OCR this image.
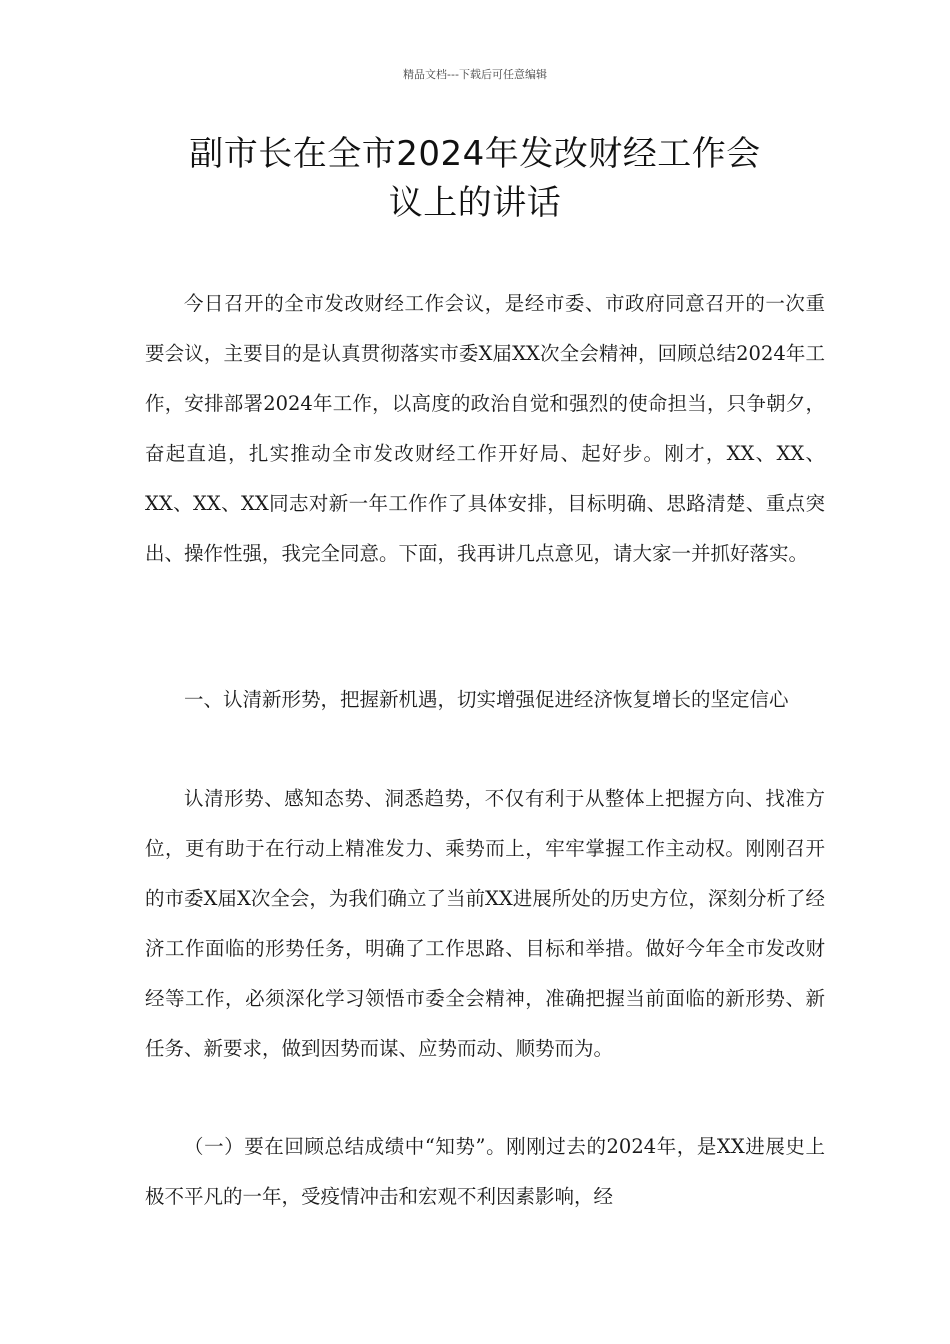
精品文档---下载后可任意编辑
副市长在全市2024年发改财经工作会
议上的讲话

今日召开的全市发改财经工作会议，是经市委、市政府同意召开的一次重要会议，主要目的是认真贯彻落实市委X届XX次全会精神，回顾总结2024年工作，安排部署2024年工作，以高度的政治自觉和强烈的使命担当，只争朝夕，奋起直追，扎实推动全市发改财经工作开好局、起好步。刚才，XX、XX、XX、XX、XX同志对新一年工作作了具体安排，目标明确、思路清楚、重点突出、操作性强，我完全同意。下面，我再讲几点意见，请大家一并抓好落实。

一、认清新形势，把握新机遇，切实增强促进经济恢复增长的坚定信心

认清形势、感知态势、洞悉趋势，不仅有利于从整体上把握方向、找准方位，更有助于在行动上精准发力、乘势而上，牢牢掌握工作主动权。刚刚召开的市委X届X次全会，为我们确立了当前XX进展所处的历史方位，深刻分析了经济工作面临的形势任务，明确了工作思路、目标和举措。做好今年全市发改财经等工作，必须深化学习领悟市委全会精神，准确把握当前面临的新形势、新任务、新要求，做到因势而谋、应势而动、顺势而为。

（一）要在回顾总结成绩中“知势”。刚刚过去的2024年，是XX进展史上极不平凡的一年，受疫情冲击和宏观不利因素影响，经
